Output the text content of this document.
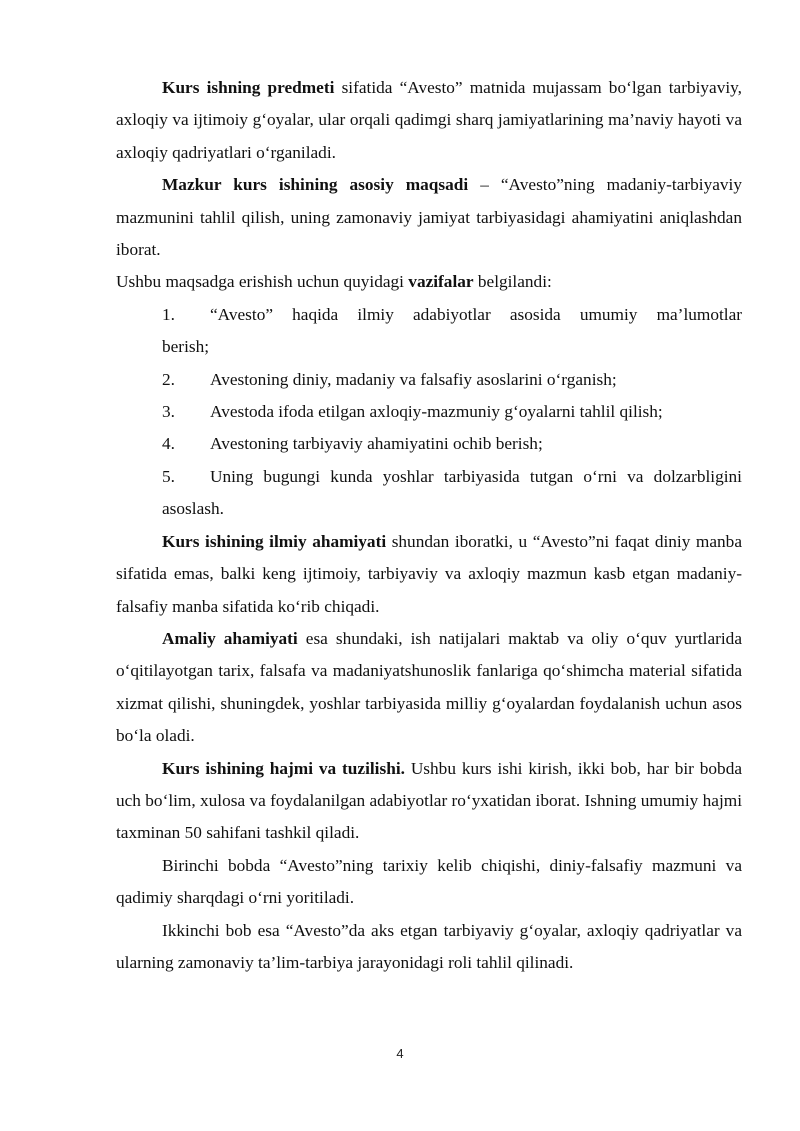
Kurs ishning predmeti sifatida “Avesto” matnida mujassam bo‘lgan tarbiyaviy, axloqiy va ijtimoiy g‘oyalar, ular orqali qadimgi sharq jamiyatlarining ma’naviy hayoti va axloqiy qadriyatlari o‘rganiladi.

Mazkur kurs ishining asosiy maqsadi – “Avesto”ning madaniy-tarbiyaviy mazmunini tahlil qilish, uning zamonaviy jamiyat tarbiyasidagi ahamiyatini aniqlashdan iborat.

Ushbu maqsadga erishish uchun quyidagi vazifalar belgilandi:

1. “Avesto” haqida ilmiy adabiyotlar asosida umumiy ma’lumotlar berish;
2.	Avestoning diniy, madaniy va falsafiy asoslarini o‘rganish;
3.	Avestoda ifoda etilgan axloqiy-mazmuniy g‘oyalarni tahlil qilish;
4.	Avestoning tarbiyaviy ahamiyatini ochib berish;
5. Uning bugungi kunda yoshlar tarbiyasida tutgan o‘rni va dolzarbligini asoslash.

Kurs ishining ilmiy ahamiyati shundan iboratki, u “Avesto”ni faqat diniy manba sifatida emas, balki keng ijtimoiy, tarbiyaviy va axloqiy mazmun kasb etgan madaniy-falsafiy manba sifatida ko‘rib chiqadi.

Amaliy ahamiyati esa shundaki, ish natijalari maktab va oliy o‘quv yurtlarida o‘qitilayotgan tarix, falsafa va madaniyatshunoslik fanlariga qo‘shimcha material sifatida xizmat qilishi, shuningdek, yoshlar tarbiyasida milliy g‘oyalardan foydalanish uchun asos bo‘la oladi.

Kurs ishining hajmi va tuzilishi. Ushbu kurs ishi kirish, ikki bob, har bir bobda uch bo‘lim, xulosa va foydalanilgan adabiyotlar ro‘yxatidan iborat. Ishning umumiy hajmi taxminan 50 sahifani tashkil qiladi.

Birinchi bobda “Avesto”ning tarixiy kelib chiqishi, diniy-falsafiy mazmuni va qadimiy sharqdagi o‘rni yoritiladi.

Ikkinchi bob esa “Avesto”da aks etgan tarbiyaviy g‘oyalar, axloqiy qadriyatlar va ularning zamonaviy ta’lim-tarbiya jarayonidagi roli tahlil qilinadi.

4
